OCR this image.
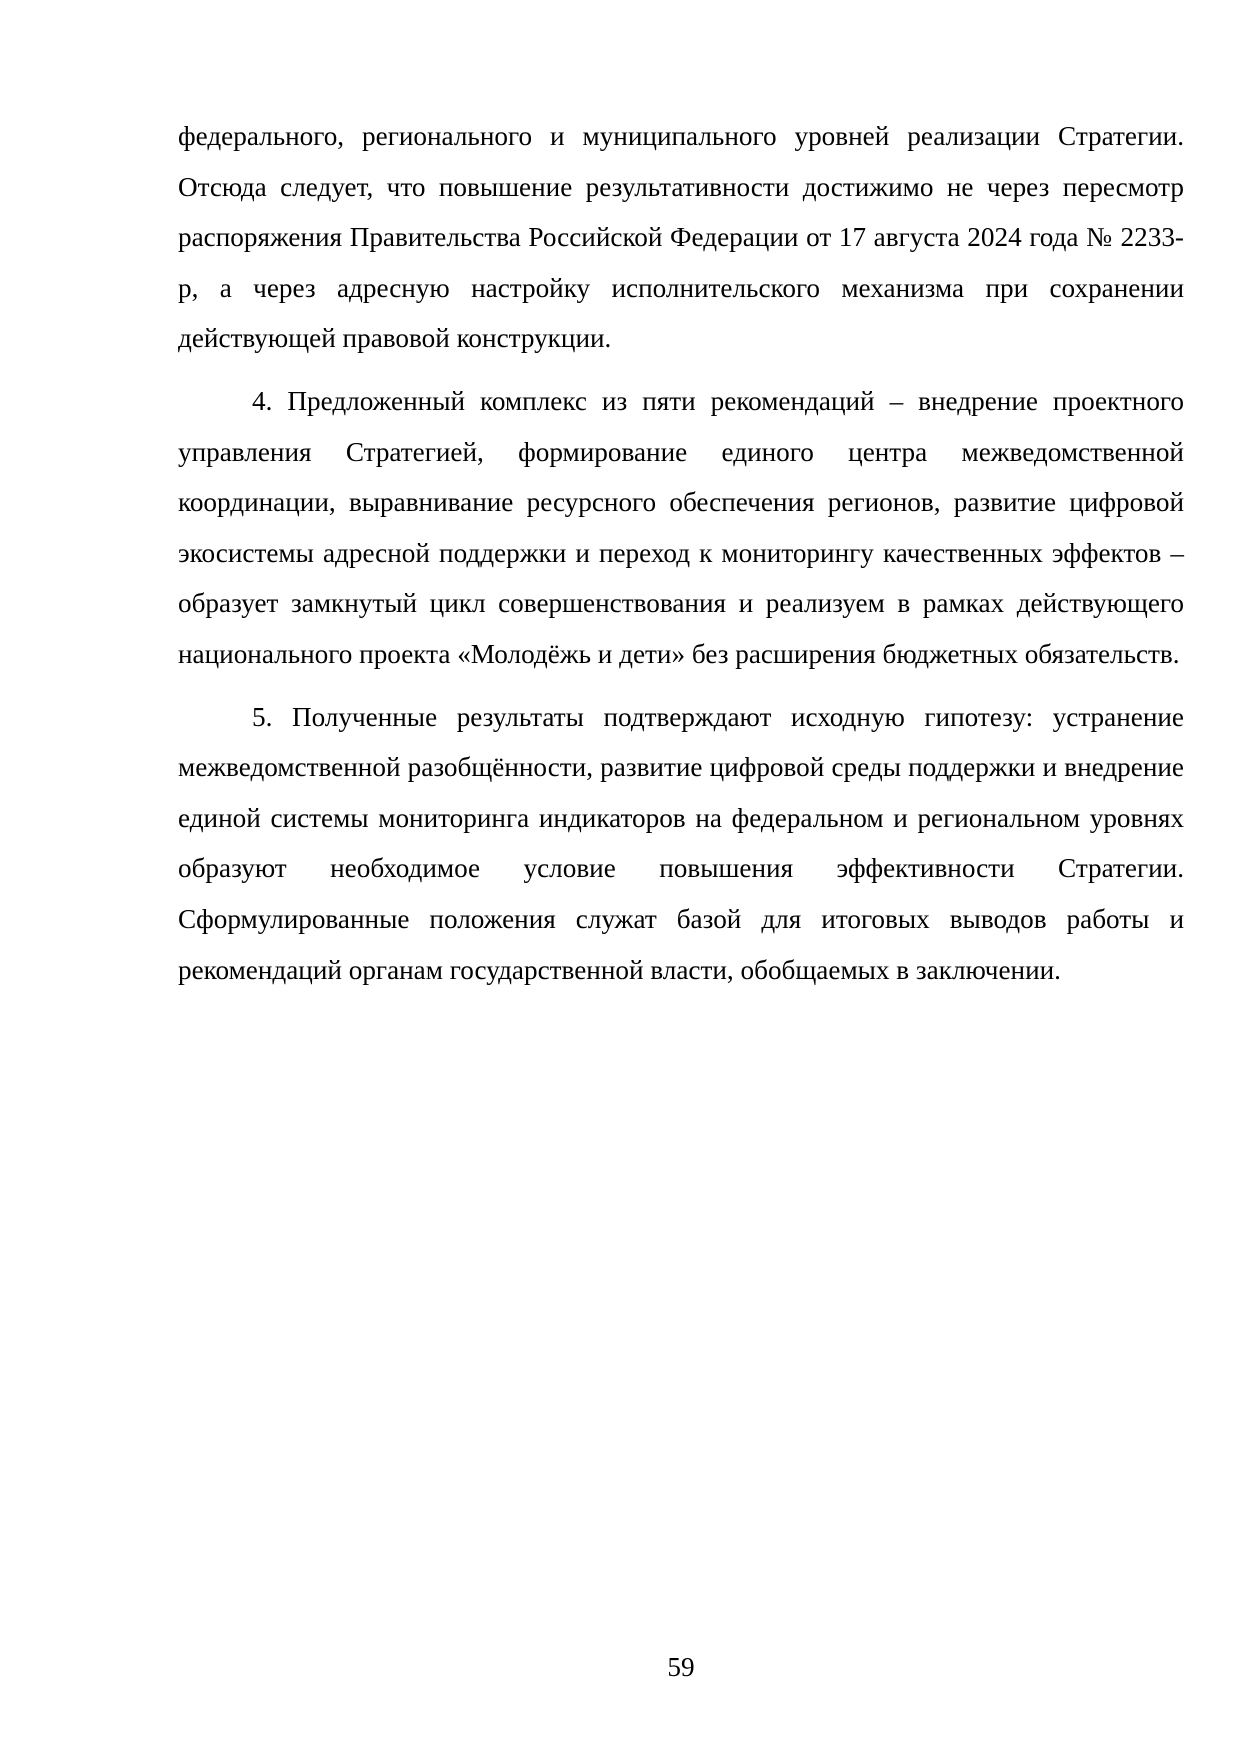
федерального, регионального и муниципального уровней реализации Стратегии. Отсюда следует, что повышение результативности достижимо не через пересмотр распоряжения Правительства Российской Федерации от 17 августа 2024 года № 2233-р, а через адресную настройку исполнительского механизма при сохранении действующей правовой конструкции.

4. Предложенный комплекс из пяти рекомендаций – внедрение проектного управления Стратегией, формирование единого центра межведомственной координации, выравнивание ресурсного обеспечения регионов, развитие цифровой экосистемы адресной поддержки и переход к мониторингу качественных эффектов – образует замкнутый цикл совершенствования и реализуем в рамках действующего национального проекта «Молодёжь и дети» без расширения бюджетных обязательств.

5. Полученные результаты подтверждают исходную гипотезу: устранение межведомственной разобщённости, развитие цифровой среды поддержки и внедрение единой системы мониторинга индикаторов на федеральном и региональном уровнях образуют необходимое условие повышения эффективности Стратегии. Сформулированные положения служат базой для итоговых выводов работы и рекомендаций органам государственной власти, обобщаемых в заключении.

59
